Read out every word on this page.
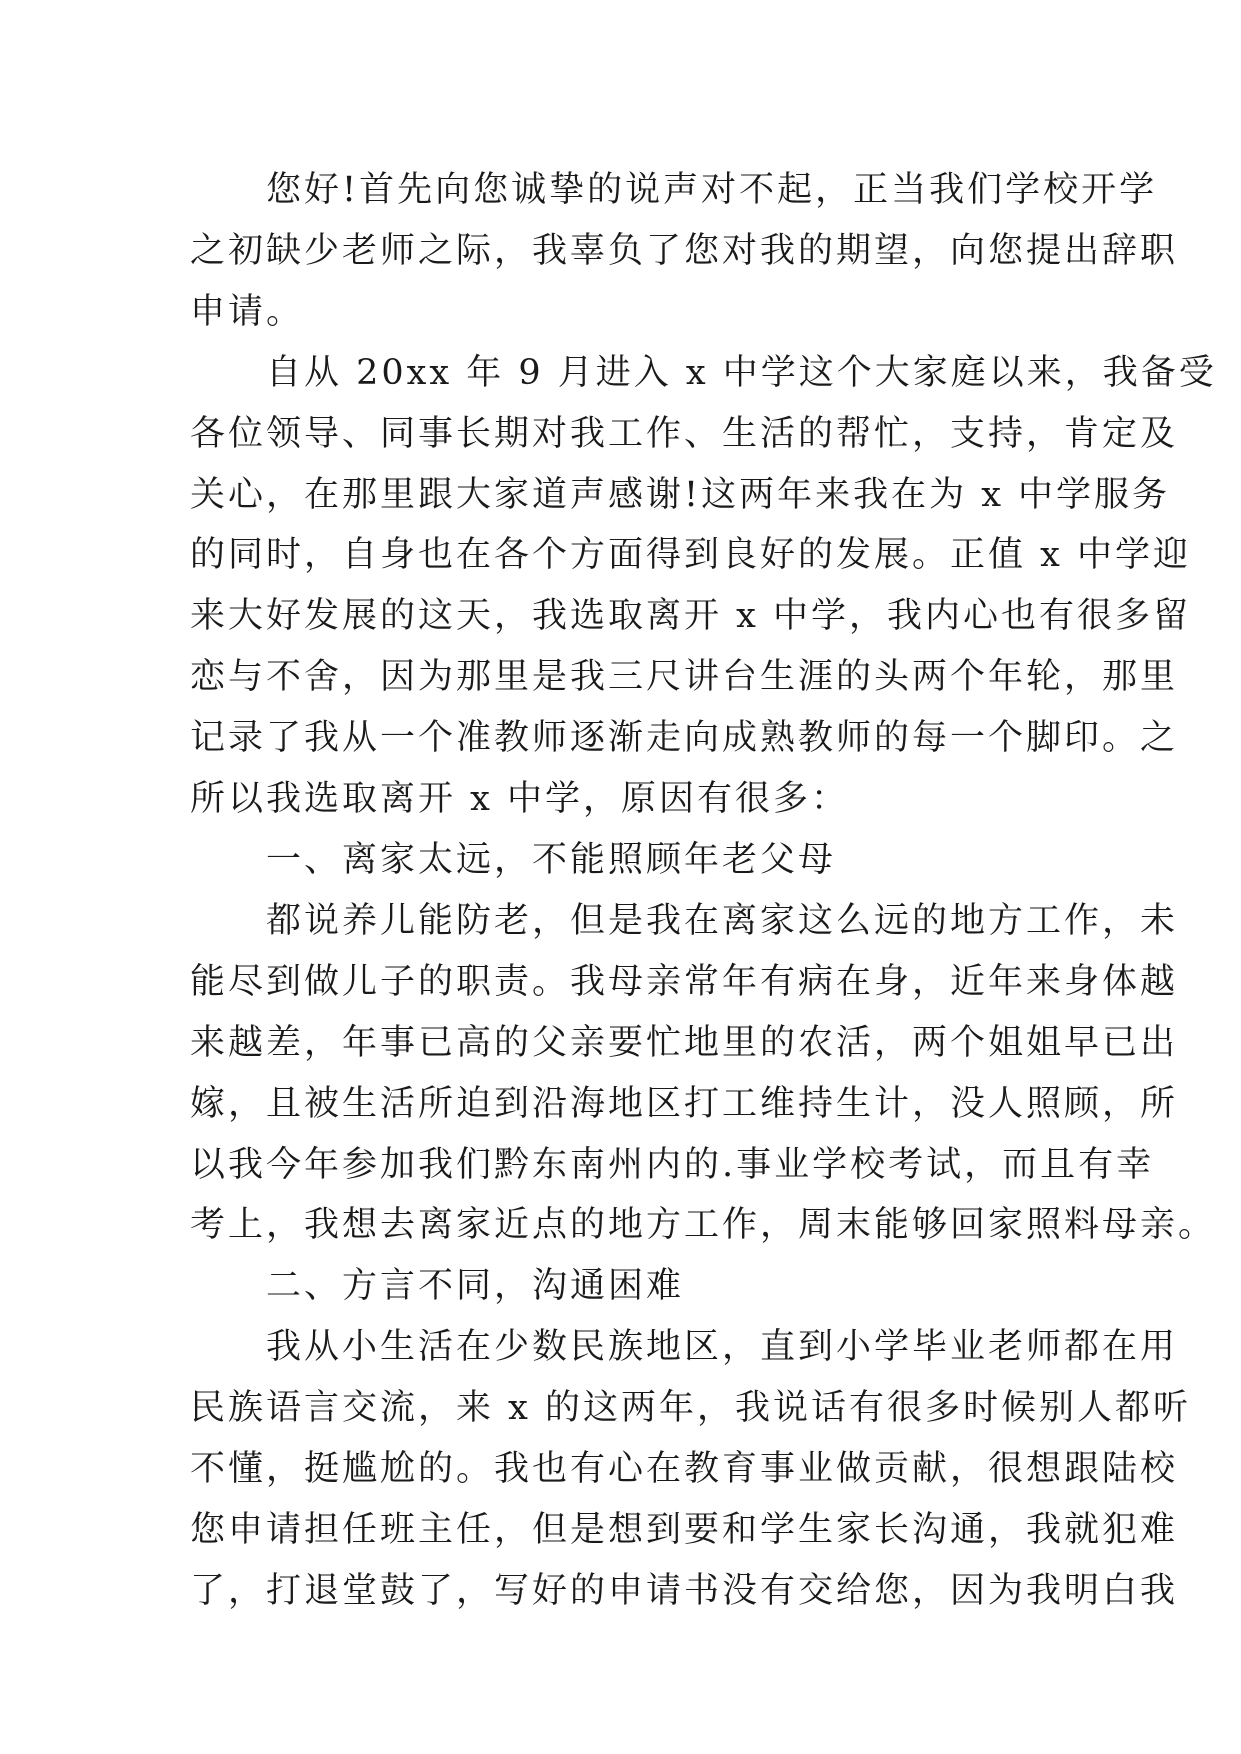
您好!首先向您诚挚的说声对不起，正当我们学校开学
之初缺少老师之际，我辜负了您对我的期望，向您提出辞职
申请。
自从 20xx 年 9 月进入 x 中学这个大家庭以来，我备受
各位领导、同事长期对我工作、生活的帮忙，支持，肯定及
关心，在那里跟大家道声感谢!这两年来我在为 x 中学服务
的同时，自身也在各个方面得到良好的发展。正值 x 中学迎
来大好发展的这天，我选取离开 x 中学，我内心也有很多留
恋与不舍，因为那里是我三尺讲台生涯的头两个年轮，那里
记录了我从一个准教师逐渐走向成熟教师的每一个脚印。之
所以我选取离开 x 中学，原因有很多：
一、离家太远，不能照顾年老父母
都说养儿能防老，但是我在离家这么远的地方工作，未
能尽到做儿子的职责。我母亲常年有病在身，近年来身体越
来越差，年事已高的父亲要忙地里的农活，两个姐姐早已出
嫁，且被生活所迫到沿海地区打工维持生计，没人照顾，所
以我今年参加我们黔东南州内的.事业学校考试，而且有幸
考上，我想去离家近点的地方工作，周末能够回家照料母亲。
二、方言不同，沟通困难
我从小生活在少数民族地区，直到小学毕业老师都在用
民族语言交流，来 x 的这两年，我说话有很多时候别人都听
不懂，挺尴尬的。我也有心在教育事业做贡献，很想跟陆校
您申请担任班主任，但是想到要和学生家长沟通，我就犯难
了，打退堂鼓了，写好的申请书没有交给您，因为我明白我
